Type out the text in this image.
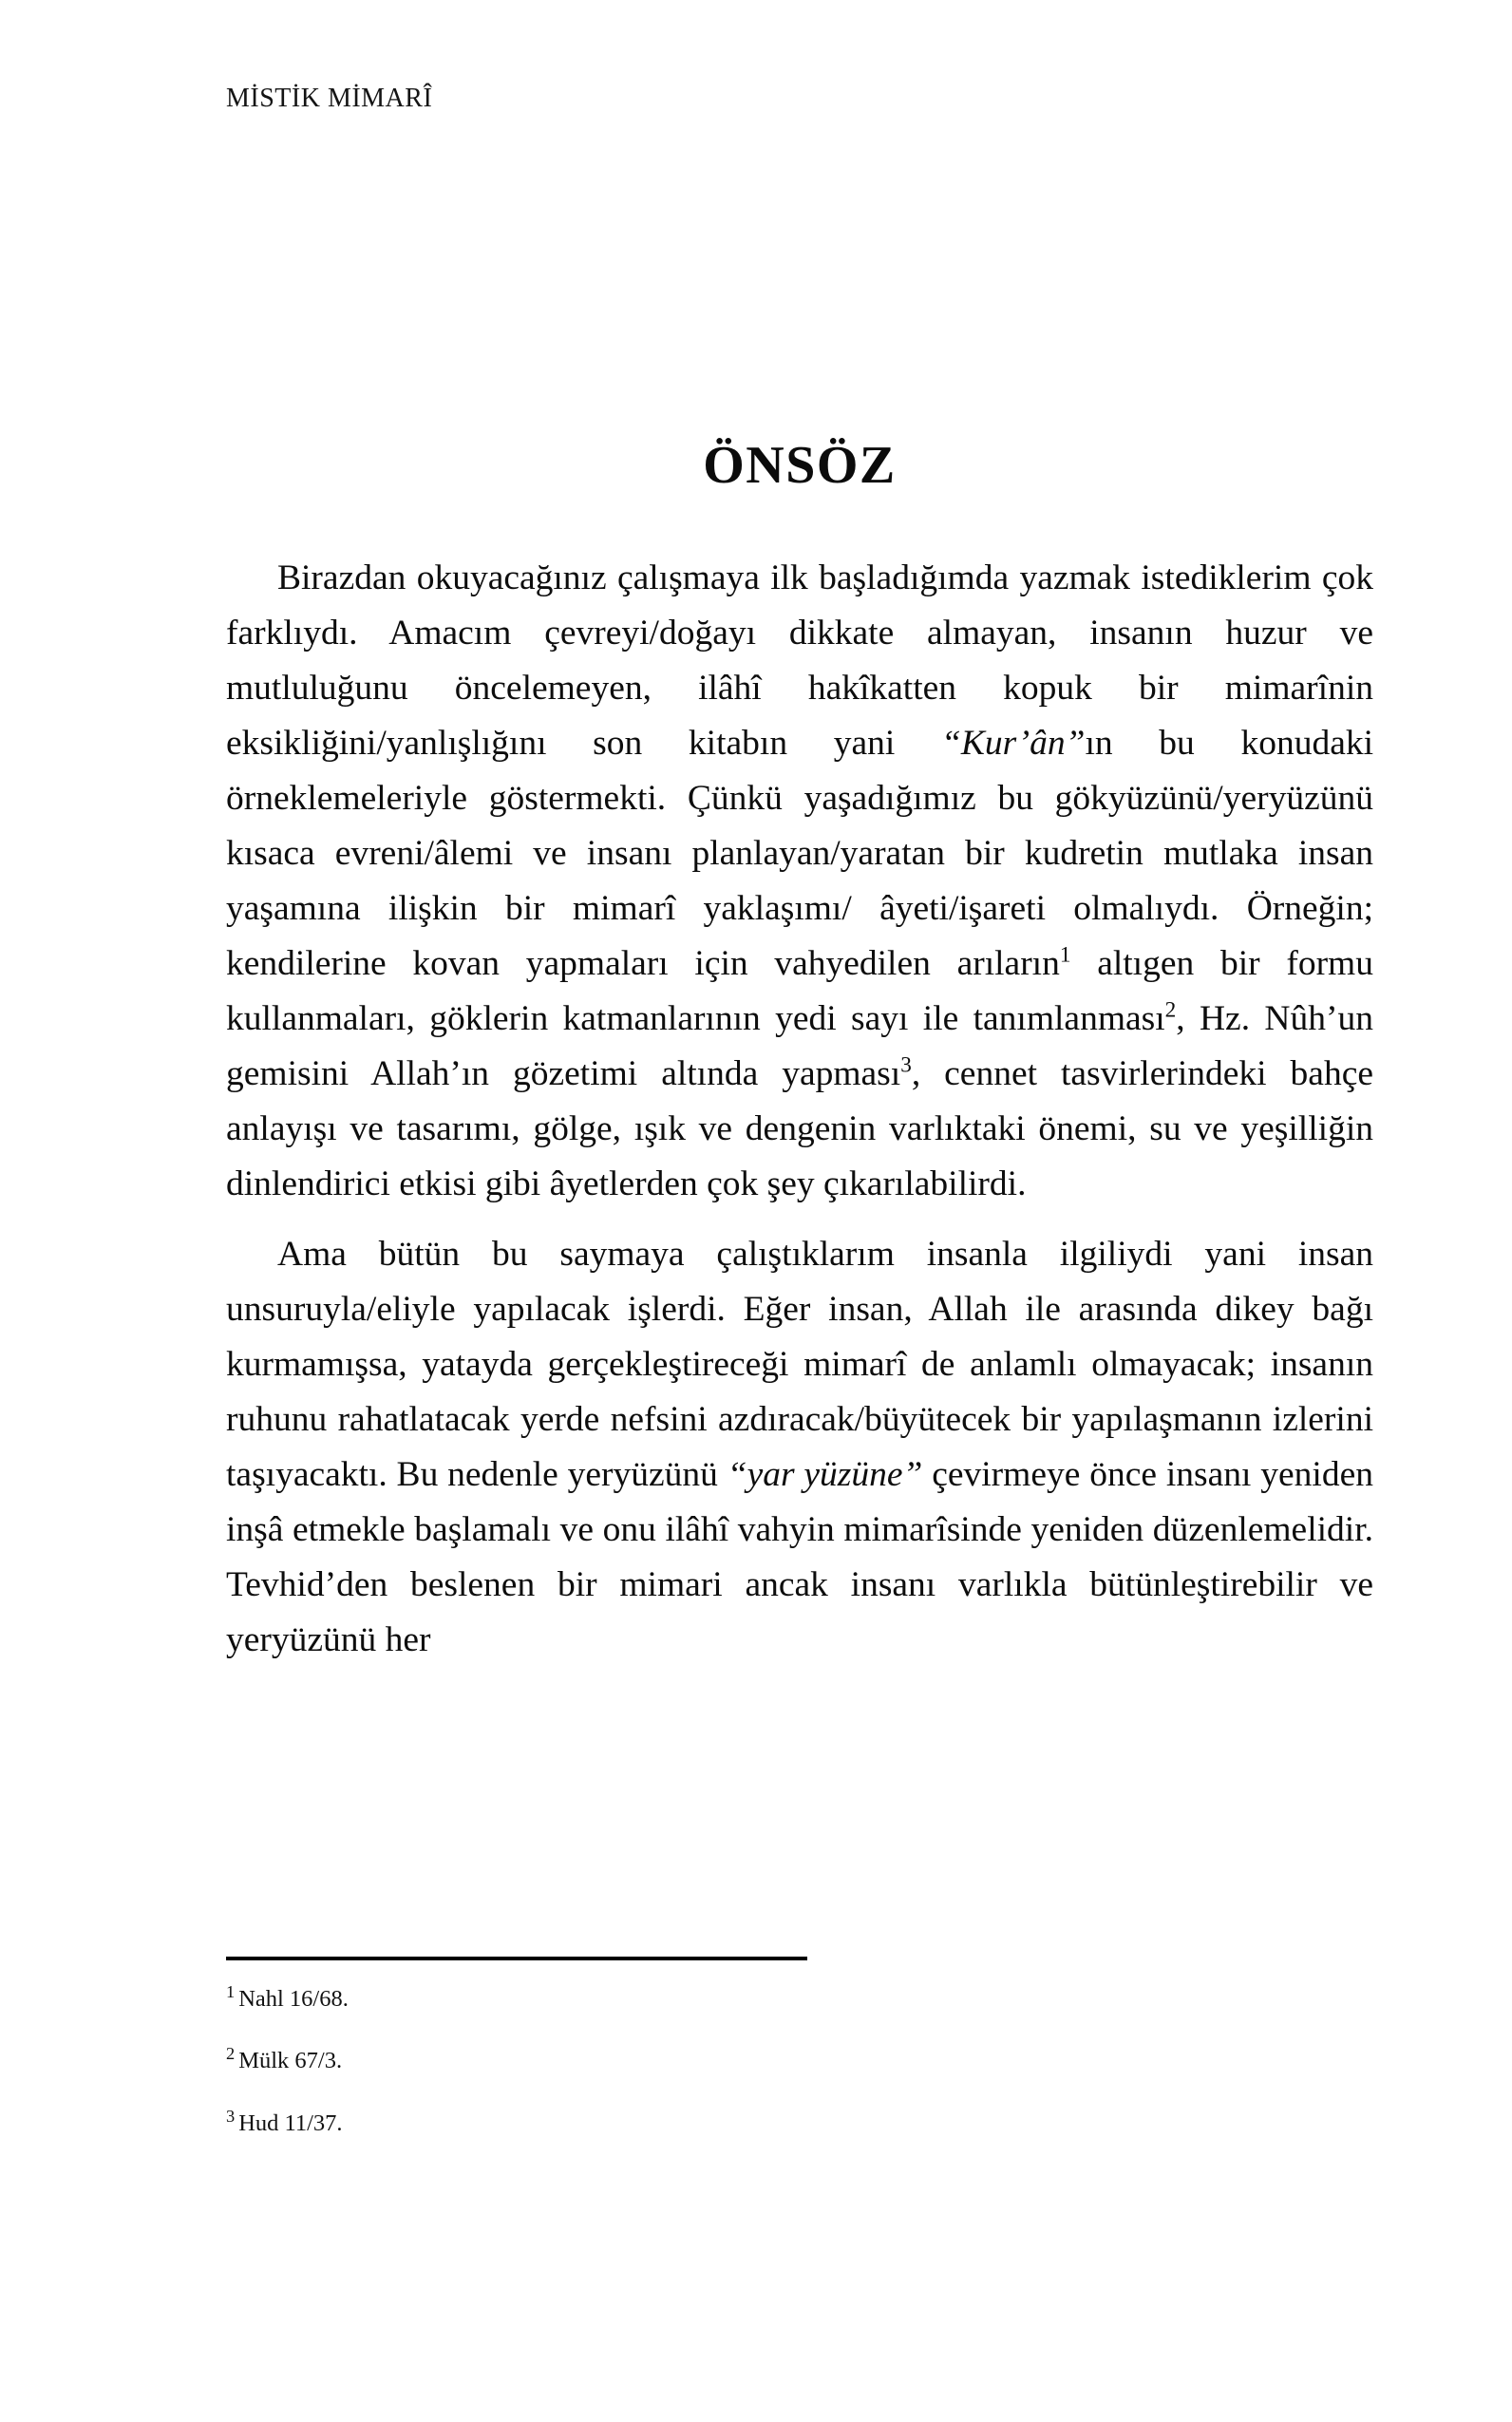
MİSTİK MİMARÎ
ÖNSÖZ

Birazdan okuyacağınız çalışmaya ilk başladığımda yazmak istediklerim çok farklıydı. Amacım çevreyi/doğayı dikkate almayan, insanın huzur ve mutluluğunu öncelemeyen, ilâhî hakîkatten kopuk bir mimarînin eksikliğini/yanlışlığını son kitabın yani “Kur’ân”ın bu konudaki örneklemeleriyle göstermekti. Çünkü yaşadığımız bu gökyüzünü/yeryüzünü kısaca evreni/âlemi ve insanı planlayan/yaratan bir kudretin mutlaka insan yaşamına ilişkin bir mimarî yaklaşımı/ âyeti/işareti olmalıydı. Örneğin; kendilerine kovan yapmaları için vahyedilen arıların$^1$ altıgen bir formu kullanmaları, göklerin katmanlarının yedi sayı ile tanımlanması$^2$, Hz. Nûh’un gemisini Allah’ın gözetimi altında yapması$^3$, cennet tasvirlerindeki bahçe anlayışı ve tasarımı, gölge, ışık ve dengenin varlıktaki önemi, su ve yeşilliğin dinlendirici etkisi gibi âyetlerden çok şey çıkarılabilirdi.

Ama bütün bu saymaya çalıştıklarım insanla ilgiliydi yani insan unsuruyla/eliyle yapılacak işlerdi. Eğer insan, Allah ile arasında dikey bağı kurmamışsa, yatayda gerçekleştireceği mimarî de anlamlı olmayacak; insanın ruhunu rahatlatacak yerde nefsini azdıracak/büyütecek bir yapılaşmanın izlerini taşıyacaktı. Bu nedenle yeryüzünü “yar yüzüne” çevirmeye önce insanı yeniden inşâ etmekle başlamalı ve onu ilâhî vahyin mimarîsinde yeniden düzenlemelidir. Tevhid’den beslenen bir mimari ancak insanı varlıkla bütünleştirebilir ve yeryüzünü her

$^1$ Nahl 16/68.
$^2$ Mülk 67/3.
$^3$ Hud 11/37.
